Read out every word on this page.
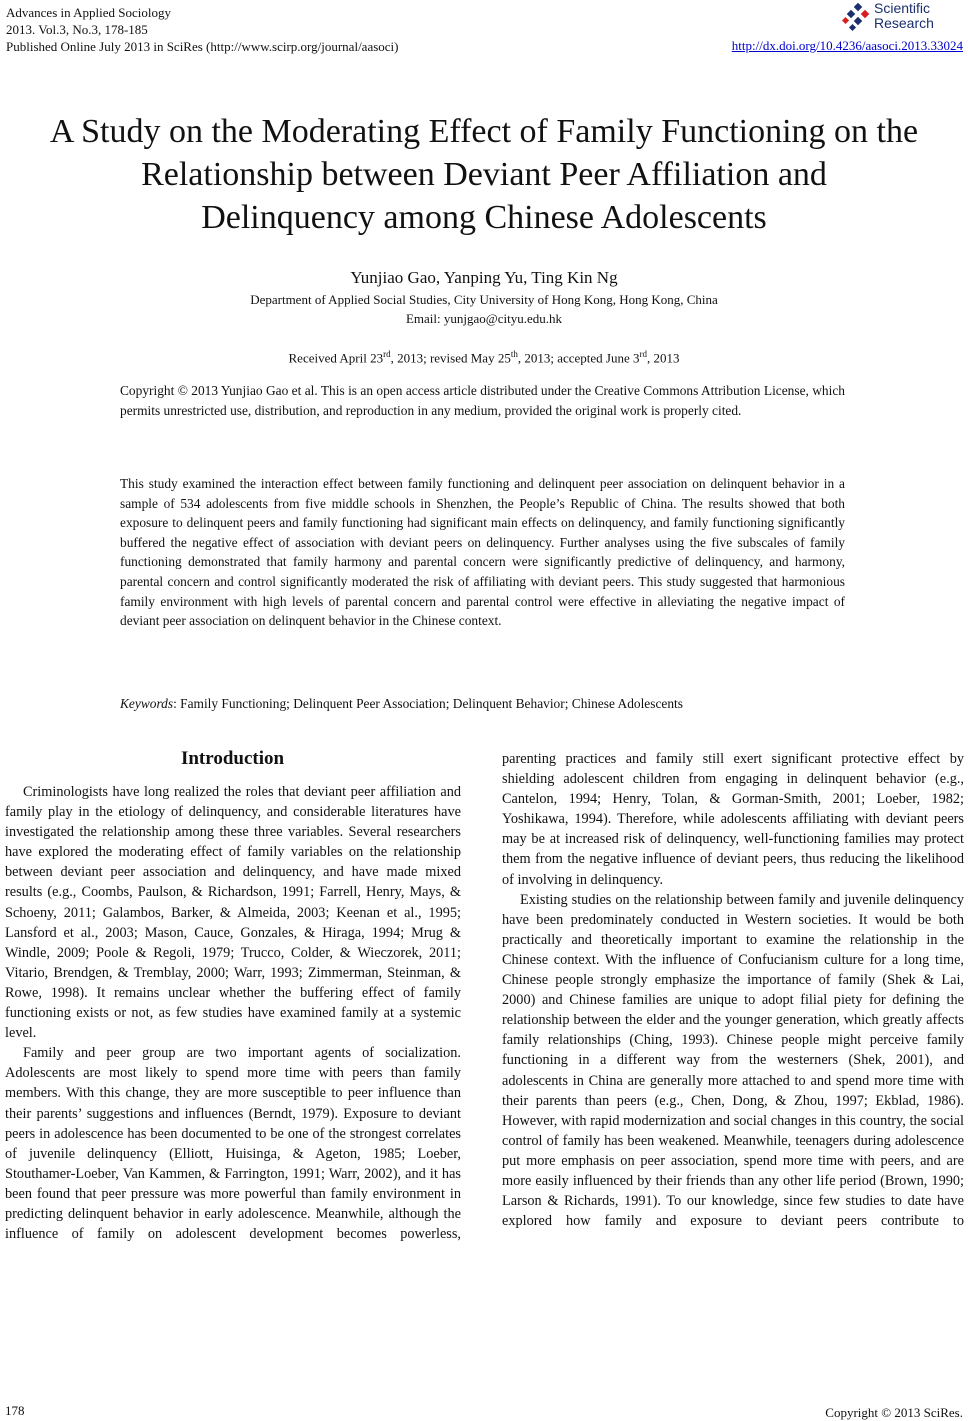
Advances in Applied Sociology
2013. Vol.3, No.3, 178-185
Published Online July 2013 in SciRes (http://www.scirp.org/journal/aasoci)
Scientific
Research
http://dx.doi.org/10.4236/aasoci.2013.33024
A Study on the Moderating Effect of Family Functioning on the
Relationship between Deviant Peer Affiliation and
Delinquency among Chinese Adolescents
Yunjiao Gao, Yanping Yu, Ting Kin Ng
Department of Applied Social Studies, City University of Hong Kong, Hong Kong, China
Email: yunjgao@cityu.edu.hk
Received April 23rd, 2013; revised May 25th, 2013; accepted June 3rd, 2013
Copyright © 2013 Yunjiao Gao et al. This is an open access article distributed under the Creative Commons Attribution License, which permits unrestricted use, distribution, and reproduction in any medium, provided the original work is properly cited.
This study examined the interaction effect between family functioning and delinquent peer association on delinquent behavior in a sample of 534 adolescents from five middle schools in Shenzhen, the People’s Republic of China. The results showed that both exposure to delinquent peers and family functioning had significant main effects on delinquency, and family functioning significantly buffered the negative effect of association with deviant peers on delinquency. Further analyses using the five subscales of family functioning demonstrated that family harmony and parental concern were significantly predictive of delinquency, and harmony, parental concern and control significantly moderated the risk of affiliating with deviant peers. This study suggested that harmonious family environment with high levels of parental concern and parental control were effective in alleviating the negative impact of deviant peer association on delinquent behavior in the Chinese context.
Keywords: Family Functioning; Delinquent Peer Association; Delinquent Behavior; Chinese Adolescents
Introduction

Criminologists have long realized the roles that deviant peer affiliation and family play in the etiology of delinquency, and considerable literatures have investigated the relationship among these three variables. Several researchers have explored the moderating effect of family variables on the relationship between deviant peer association and delinquency, and have made mixed results (e.g., Coombs, Paulson, & Richardson, 1991; Farrell, Henry, Mays, & Schoeny, 2011; Galambos, Barker, & Almeida, 2003; Keenan et al., 1995; Lansford et al., 2003; Mason, Cauce, Gonzales, & Hiraga, 1994; Mrug & Windle, 2009; Poole & Regoli, 1979; Trucco, Colder, & Wieczorek, 2011; Vitario, Brendgen, & Tremblay, 2000; Warr, 1993; Zimmerman, Steinman, & Rowe, 1998). It remains unclear whether the buffering effect of family functioning exists or not, as few studies have examined family at a systemic level.

Family and peer group are two important agents of socialization. Adolescents are most likely to spend more time with peers than family members. With this change, they are more susceptible to peer influence than their parents’ suggestions and influences (Berndt, 1979). Exposure to deviant peers in adolescence has been documented to be one of the strongest correlates of juvenile delinquency (Elliott, Huisinga, & Ageton, 1985; Loeber, Stouthamer-Loeber, Van Kammen, & Farrington, 1991; Warr, 2002), and it has been found that peer pressure was more powerful than family environment in predicting delinquent behavior in early adolescence. Meanwhile, although the influence of family on adolescent development becomes powerless,

parenting practices and family still exert significant protective effect by shielding adolescent children from engaging in delinquent behavior (e.g., Cantelon, 1994; Henry, Tolan, & Gorman-Smith, 2001; Loeber, 1982; Yoshikawa, 1994). Therefore, while adolescents affiliating with deviant peers may be at increased risk of delinquency, well-functioning families may protect them from the negative influence of deviant peers, thus reducing the likelihood of involving in delinquency.

Existing studies on the relationship between family and juvenile delinquency have been predominately conducted in Western societies. It would be both practically and theoretically important to examine the relationship in the Chinese context. With the influence of Confucianism culture for a long time, Chinese people strongly emphasize the importance of family (Shek & Lai, 2000) and Chinese families are unique to adopt filial piety for defining the relationship between the elder and the younger generation, which greatly affects family relationships (Ching, 1993). Chinese people might perceive family functioning in a different way from the westerners (Shek, 2001), and adolescents in China are generally more attached to and spend more time with their parents than peers (e.g., Chen, Dong, & Zhou, 1997; Ekblad, 1986). However, with rapid modernization and social changes in this country, the social control of family has been weakened. Meanwhile, teenagers during adolescence put more emphasis on peer association, spend more time with peers, and are more easily influenced by their friends than any other life period (Brown, 1990; Larson & Richards, 1991). To our knowledge, since few studies to date have explored how family and exposure to deviant peers contribute to

178	Copyright © 2013 SciRes.
